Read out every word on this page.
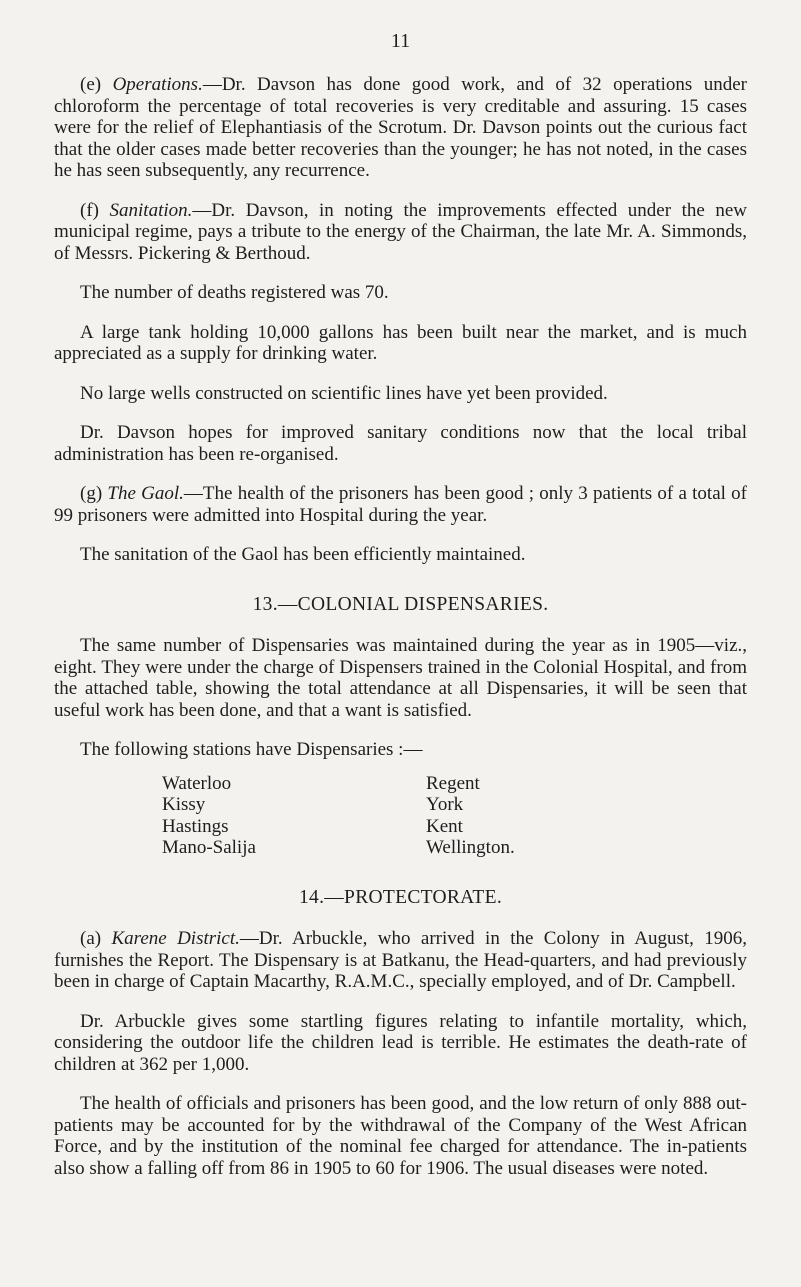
11

(e) Operations.—Dr. Davson has done good work, and of 32 operations under chloroform the percentage of total recoveries is very creditable and assuring. 15 cases were for the relief of Elephantiasis of the Scrotum. Dr. Davson points out the curious fact that the older cases made better recoveries than the younger; he has not noted, in the cases he has seen subsequently, any recurrence.

(f) Sanitation.—Dr. Davson, in noting the improvements effected under the new municipal regime, pays a tribute to the energy of the Chairman, the late Mr. A. Simmonds, of Messrs. Pickering & Berthoud.

The number of deaths registered was 70.

A large tank holding 10,000 gallons has been built near the market, and is much appreciated as a supply for drinking water.

No large wells constructed on scientific lines have yet been provided.

Dr. Davson hopes for improved sanitary conditions now that the local tribal administration has been re-organised.

(g) The Gaol.—The health of the prisoners has been good ; only 3 patients of a total of 99 prisoners were admitted into Hospital during the year.

The sanitation of the Gaol has been efficiently maintained.

13.—COLONIAL DISPENSARIES.

The same number of Dispensaries was maintained during the year as in 1905—viz., eight. They were under the charge of Dispensers trained in the Colonial Hospital, and from the attached table, showing the total attendance at all Dispensaries, it will be seen that useful work has been done, and that a want is satisfied.

The following stations have Dispensaries :—

Waterloo	Regent
Kissy	York
Hastings	Kent
Mano-Salija	Wellington.
14.—PROTECTORATE.

(a) Karene District.—Dr. Arbuckle, who arrived in the Colony in August, 1906, furnishes the Report. The Dispensary is at Batkanu, the Head-quarters, and had previously been in charge of Captain Macarthy, R.A.M.C., specially employed, and of Dr. Campbell.

Dr. Arbuckle gives some startling figures relating to infantile mortality, which, considering the outdoor life the children lead is terrible. He estimates the death-rate of children at 362 per 1,000.

The health of officials and prisoners has been good, and the low return of only 888 out-patients may be accounted for by the withdrawal of the Company of the West African Force, and by the institution of the nominal fee charged for attendance. The in-patients also show a falling off from 86 in 1905 to 60 for 1906. The usual diseases were noted.
